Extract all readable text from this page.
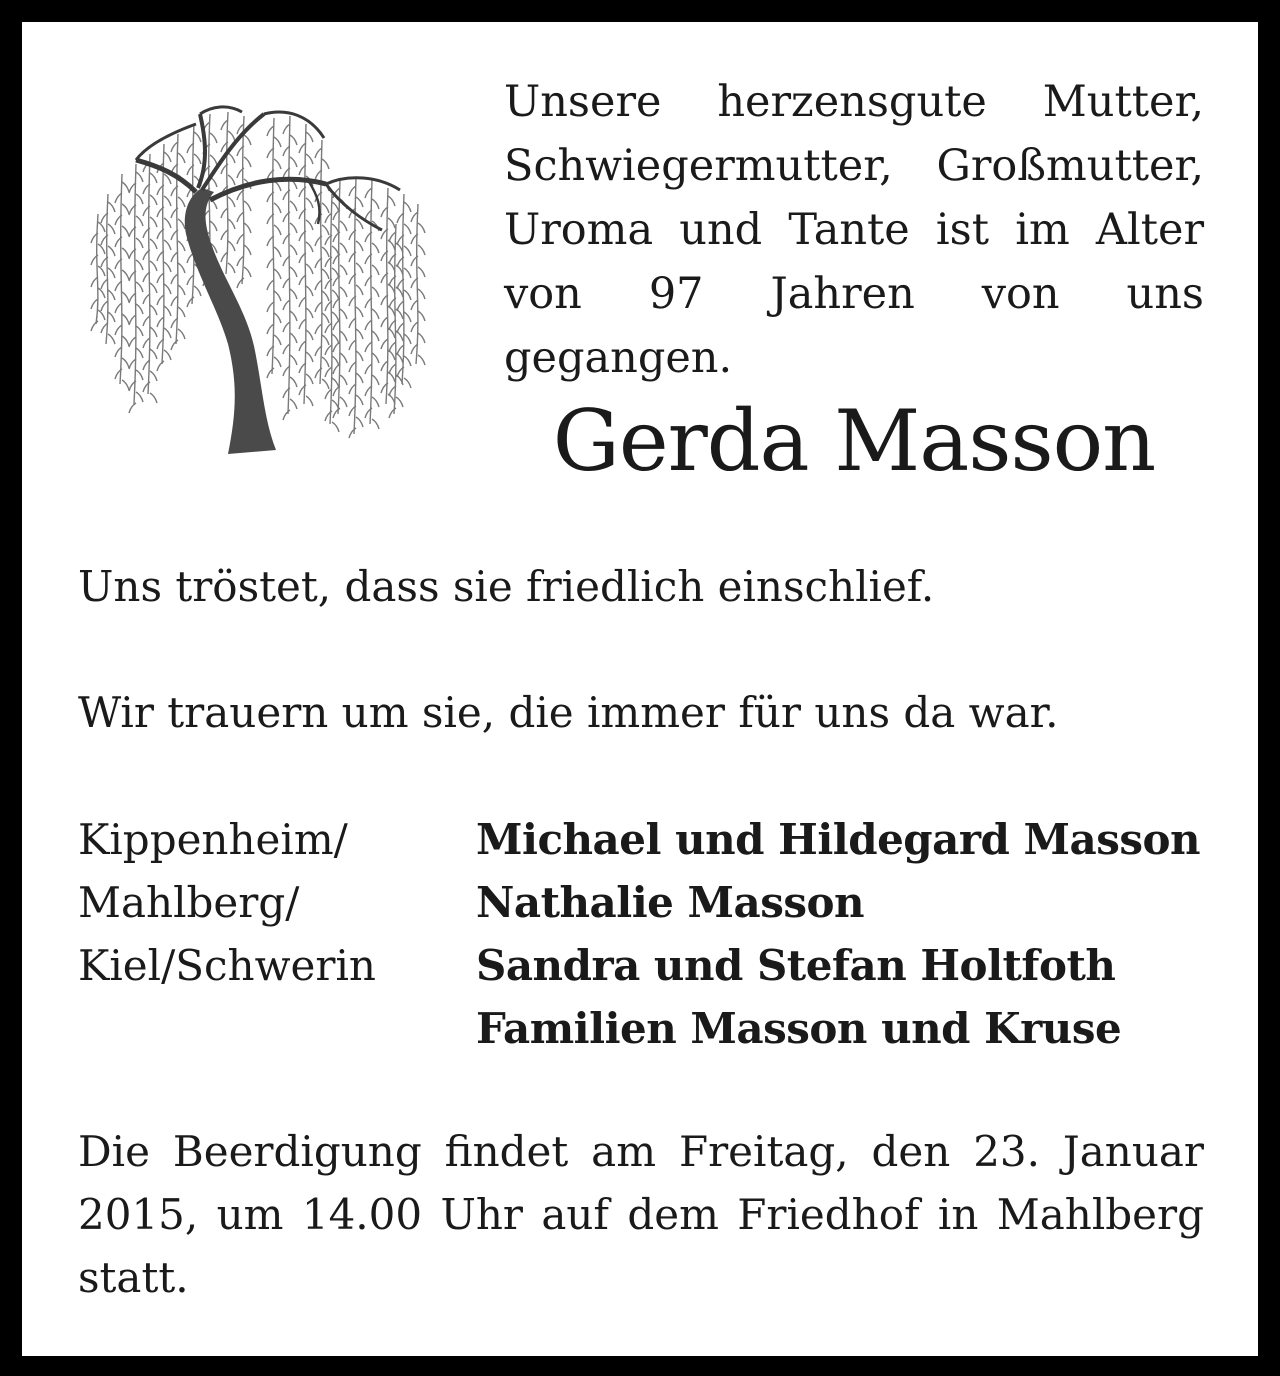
Unsere herzensgute Mutter,
Schwiegermutter, Großmutter,
Uroma und Tante ist im Alter
von 97 Jahren von uns gegangen.

Gerda Masson

Uns tröstet, dass sie friedlich einschlief.

Wir trauern um sie, die immer für uns da war.

Kippenheim/
Mahlberg/
Kiel/Schwerin
Michael und Hildegard Masson
Nathalie Masson
Sandra und Stefan Holtfoth
Familien Masson und Kruse

Die Beerdigung findet am Freitag, den 23. Januar
2015, um 14.00 Uhr auf dem Friedhof in Mahlberg
statt.
